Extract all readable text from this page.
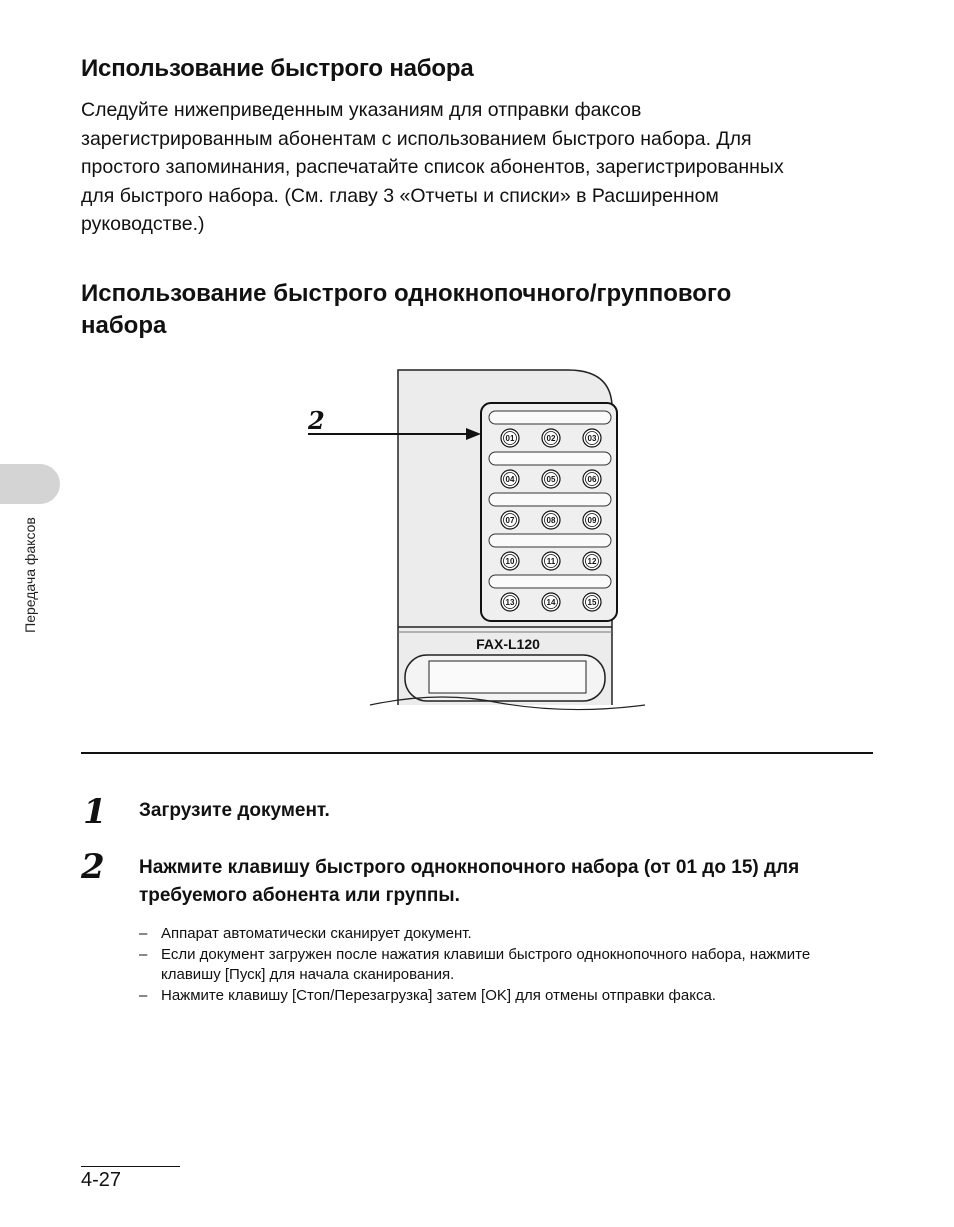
Использование быстрого набора

Следуйте нижеприведенным указаниям для отправки факсов
зарегистрированным абонентам с использованием быстрого набора. Для
простого запоминания, распечатайте список абонентов, зарегистрированных
для быстрого набора. (См. главу 3 «Отчеты и списки» в Расширенном
руководстве.)

Использование быстрого однокнопочного/группового
набора
Передача факсов
FAX-L120
01	02	03
04	05	06
07	08	09
10	11	12
13	14	15
2
1 Загрузите документ.

2 Нажмите клавишу быстрого однокнопочного набора (от 01 до 15) для требуемого абонента или группы.

– Аппарат автоматически сканирует документ.
– Если документ загружен после нажатия клавиши быстрого однокнопочного набора, нажмите клавишу [Пуск] для начала сканирования.
– Нажмите клавишу [Стоп/Перезагрузка] затем [OK] для отмены отправки факса.
4-27
